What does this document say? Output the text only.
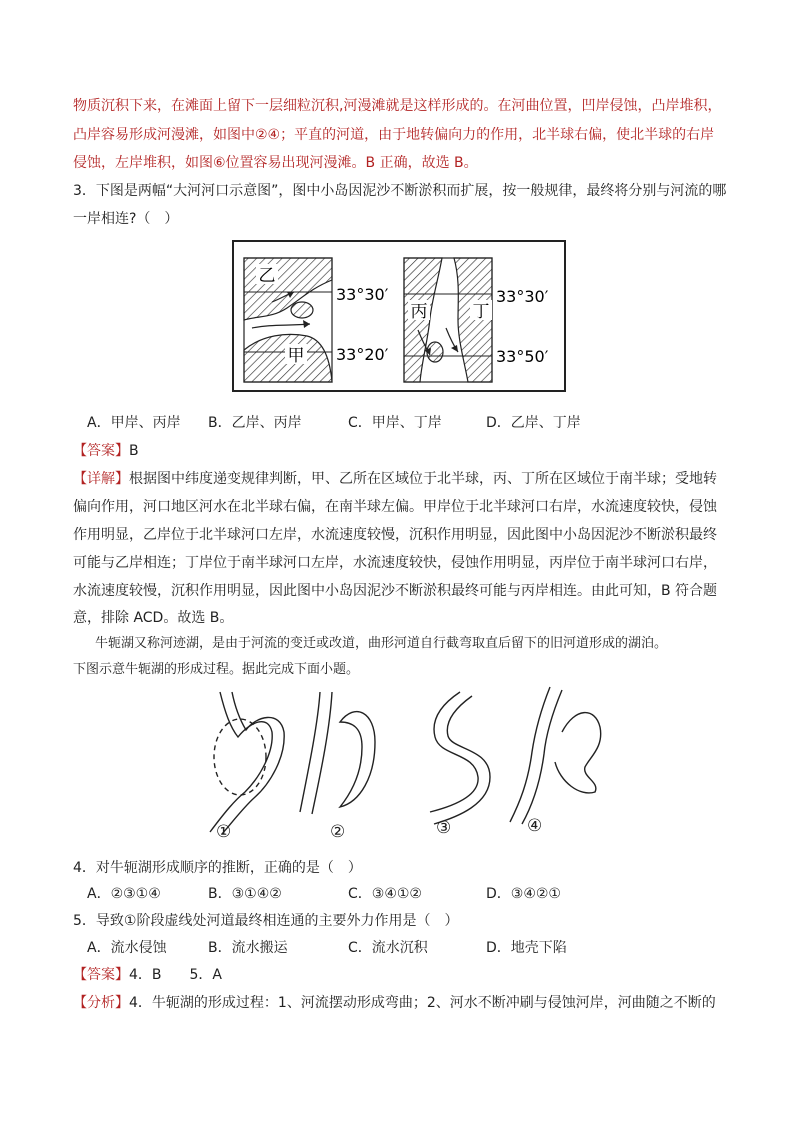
物质沉积下来，在滩面上留下一层细粒沉积,河漫滩就是这样形成的。在河曲位置，凹岸侵蚀，凸岸堆积，
凸岸容易形成河漫滩，如图中②④；平直的河道，由于地转偏向力的作用，北半球右偏，使北半球的右岸
侵蚀，左岸堆积，如图⑥位置容易出现河漫滩。B 正确，故选 B。
3．下图是两幅“大河河口示意图”，图中小岛因泥沙不断淤积而扩展，按一般规律，最终将分别与河流的哪
一岸相连?（　）
乙
甲
33°30′
33°20′
丙	丁
33°30′
33°50′
A．甲岸、丙岸 B．乙岸、丙岸	C．甲岸、丁岸	D．乙岸、丁岸
【答案】B
【详解】根据图中纬度递变规律判断，甲、乙所在区域位于北半球，丙、丁所在区域位于南半球；受地转
偏向作用，河口地区河水在北半球右偏，在南半球左偏。甲岸位于北半球河口右岸，水流速度较快，侵蚀
作用明显，乙岸位于北半球河口左岸，水流速度较慢，沉积作用明显，因此图中小岛因泥沙不断淤积最终
可能与乙岸相连；丁岸位于南半球河口左岸，水流速度较快，侵蚀作用明显，丙岸位于南半球河口右岸，
水流速度较慢，沉积作用明显，因此图中小岛因泥沙不断淤积最终可能与丙岸相连。由此可知，B 符合题
意，排除 ACD。故选 B。
牛轭湖又称河迹湖，是由于河流的变迁或改道，曲形河道自行截弯取直后留下的旧河道形成的湖泊。
下图示意牛轭湖的形成过程。据此完成下面小题。
①	②	③	④
4．对牛轭湖形成顺序的推断，正确的是（　）
A．②③①④	B．③①④②	C．③④①②	D．③④②①
5．导致①阶段虚线处河道最终相连通的主要外力作用是（　）
A．流水侵蚀	B．流水搬运	C．流水沉积	D．地壳下陷
【答案】4．B　　5．A
【分析】4．牛轭湖的形成过程：1、河流摆动形成弯曲；2、河水不断冲刷与侵蚀河岸，河曲随之不断的
